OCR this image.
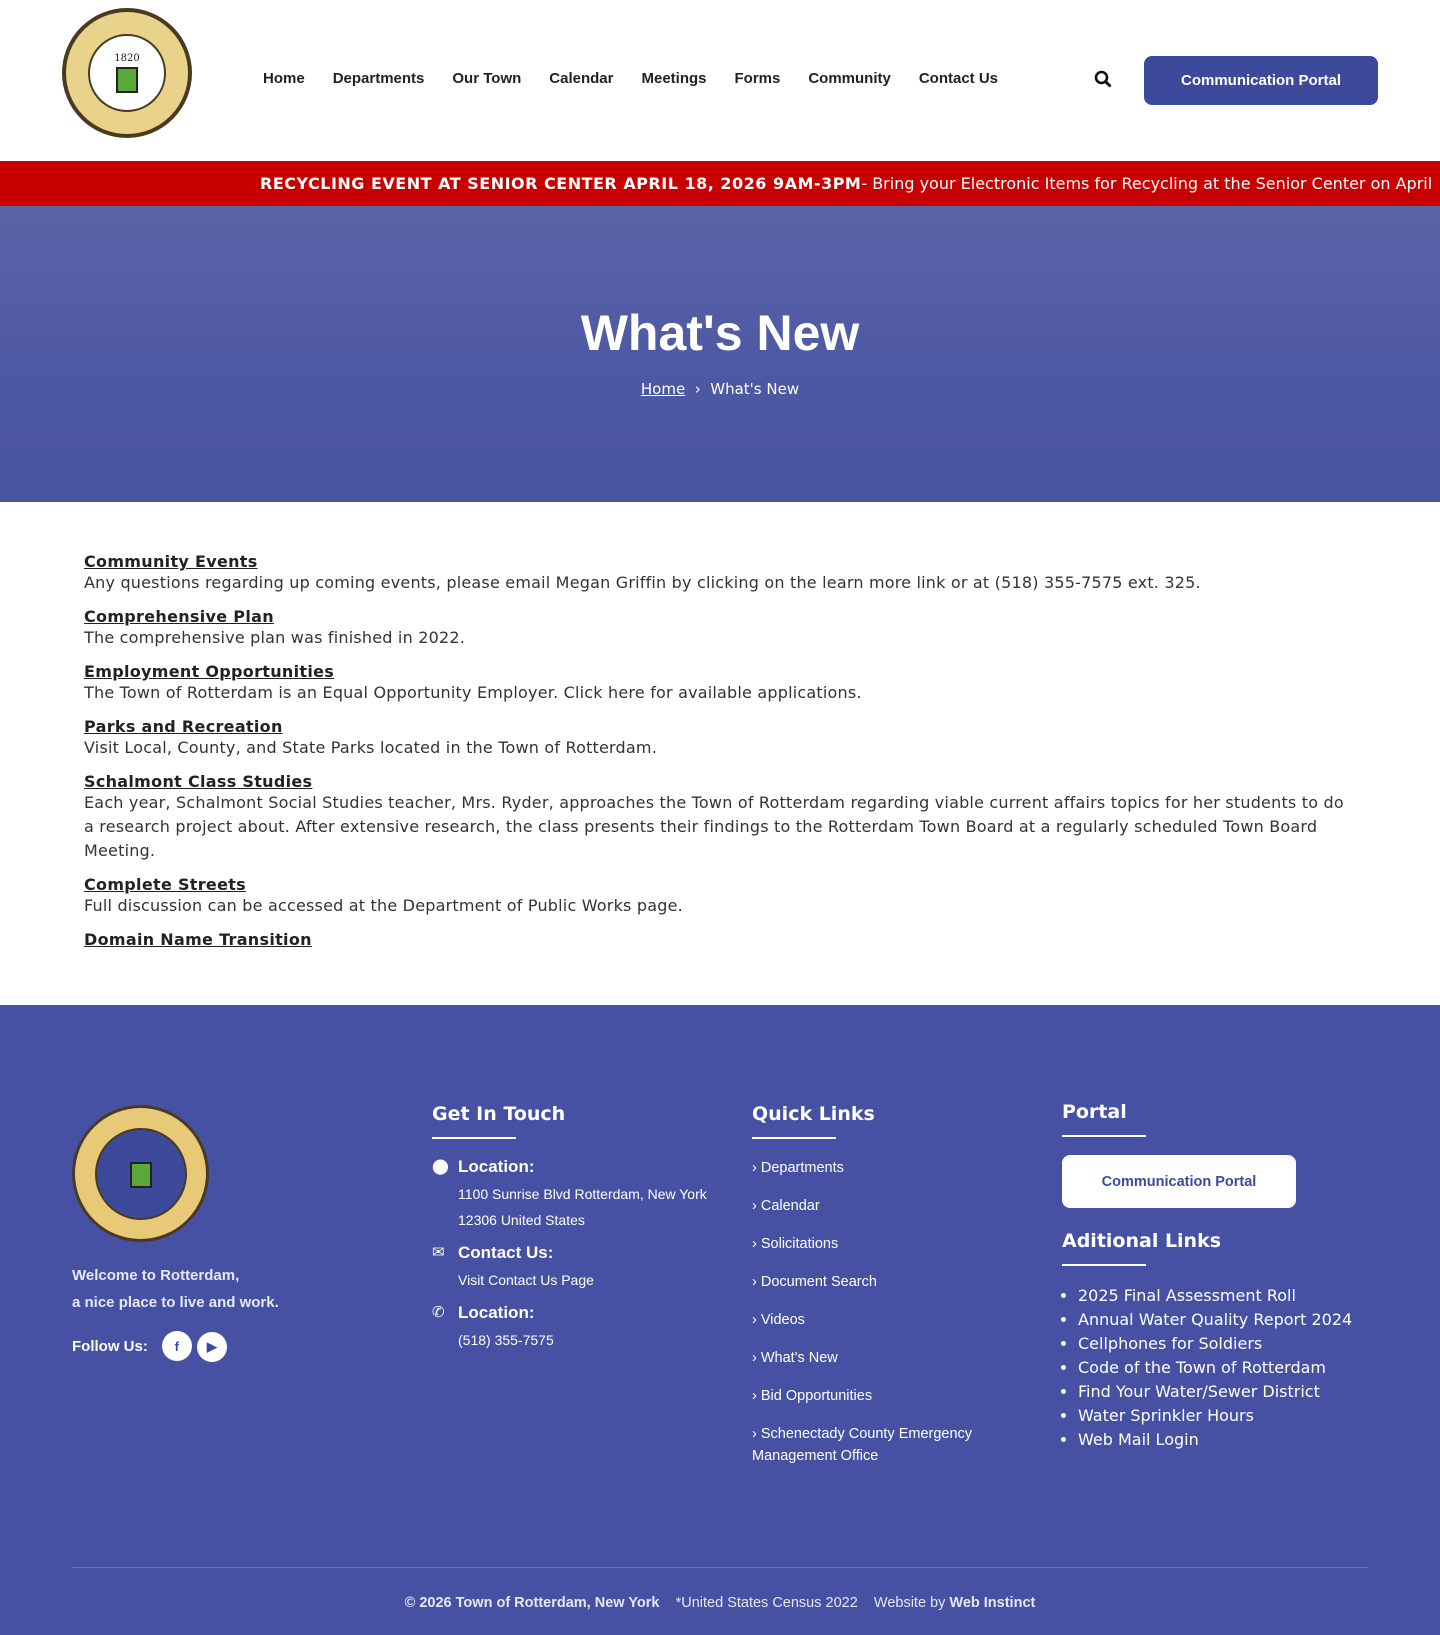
1820
Home Departments Our Town Calendar Meetings Forms Community Contact Us	Communication Portal
RECYCLING EVENT AT SENIOR CENTER APRIL 18, 2026 9AM-3PM - Bring your Electronic Items for Recycling at the Senior Center on April
What's New
Home › What's New
Community Events

Any questions regarding up coming events, please email Megan Griffin by clicking on the learn more link or at (518) 355-7575 ext. 325.

Comprehensive Plan

The comprehensive plan was finished in 2022.

Employment Opportunities

The Town of Rotterdam is an Equal Opportunity Employer. Click here for available applications.

Parks and Recreation

Visit Local, County, and State Parks located in the Town of Rotterdam.

Schalmont Class Studies

Each year, Schalmont Social Studies teacher, Mrs. Ryder, approaches the Town of Rotterdam regarding viable current affairs topics for her students to do a research project about. After extensive research, the class presents their findings to the Rotterdam Town Board at a regularly scheduled Town Board Meeting.

Complete Streets

Full discussion can be accessed at the Department of Public Works page.

Domain Name Transition
Welcome to Rotterdam,
a nice place to live and work.
Follow Us:	f ▶
Get In Touch
⬤ Location:

1100 Sunrise Blvd Rotterdam, New York

12306 United States

✉ Contact Us:

Visit Contact Us Page

✆ Location:

(518) 355-7575

Quick Links
› Departments
› Calendar
› Solicitations
› Document Search
› Videos
› What's New
› Bid Opportunities
› Schenectady County Emergency Management Office
Portal
Communication Portal
Aditional Links
• 2025 Final Assessment Roll
• Annual Water Quality Report 2024
• Cellphones for Soldiers
• Code of the Town of Rotterdam
• Find Your Water/Sewer District
• Water Sprinkler Hours
• Web Mail Login
© 2026 Town of Rotterdam, New York *United States Census 2022 Website by Web Instinct
